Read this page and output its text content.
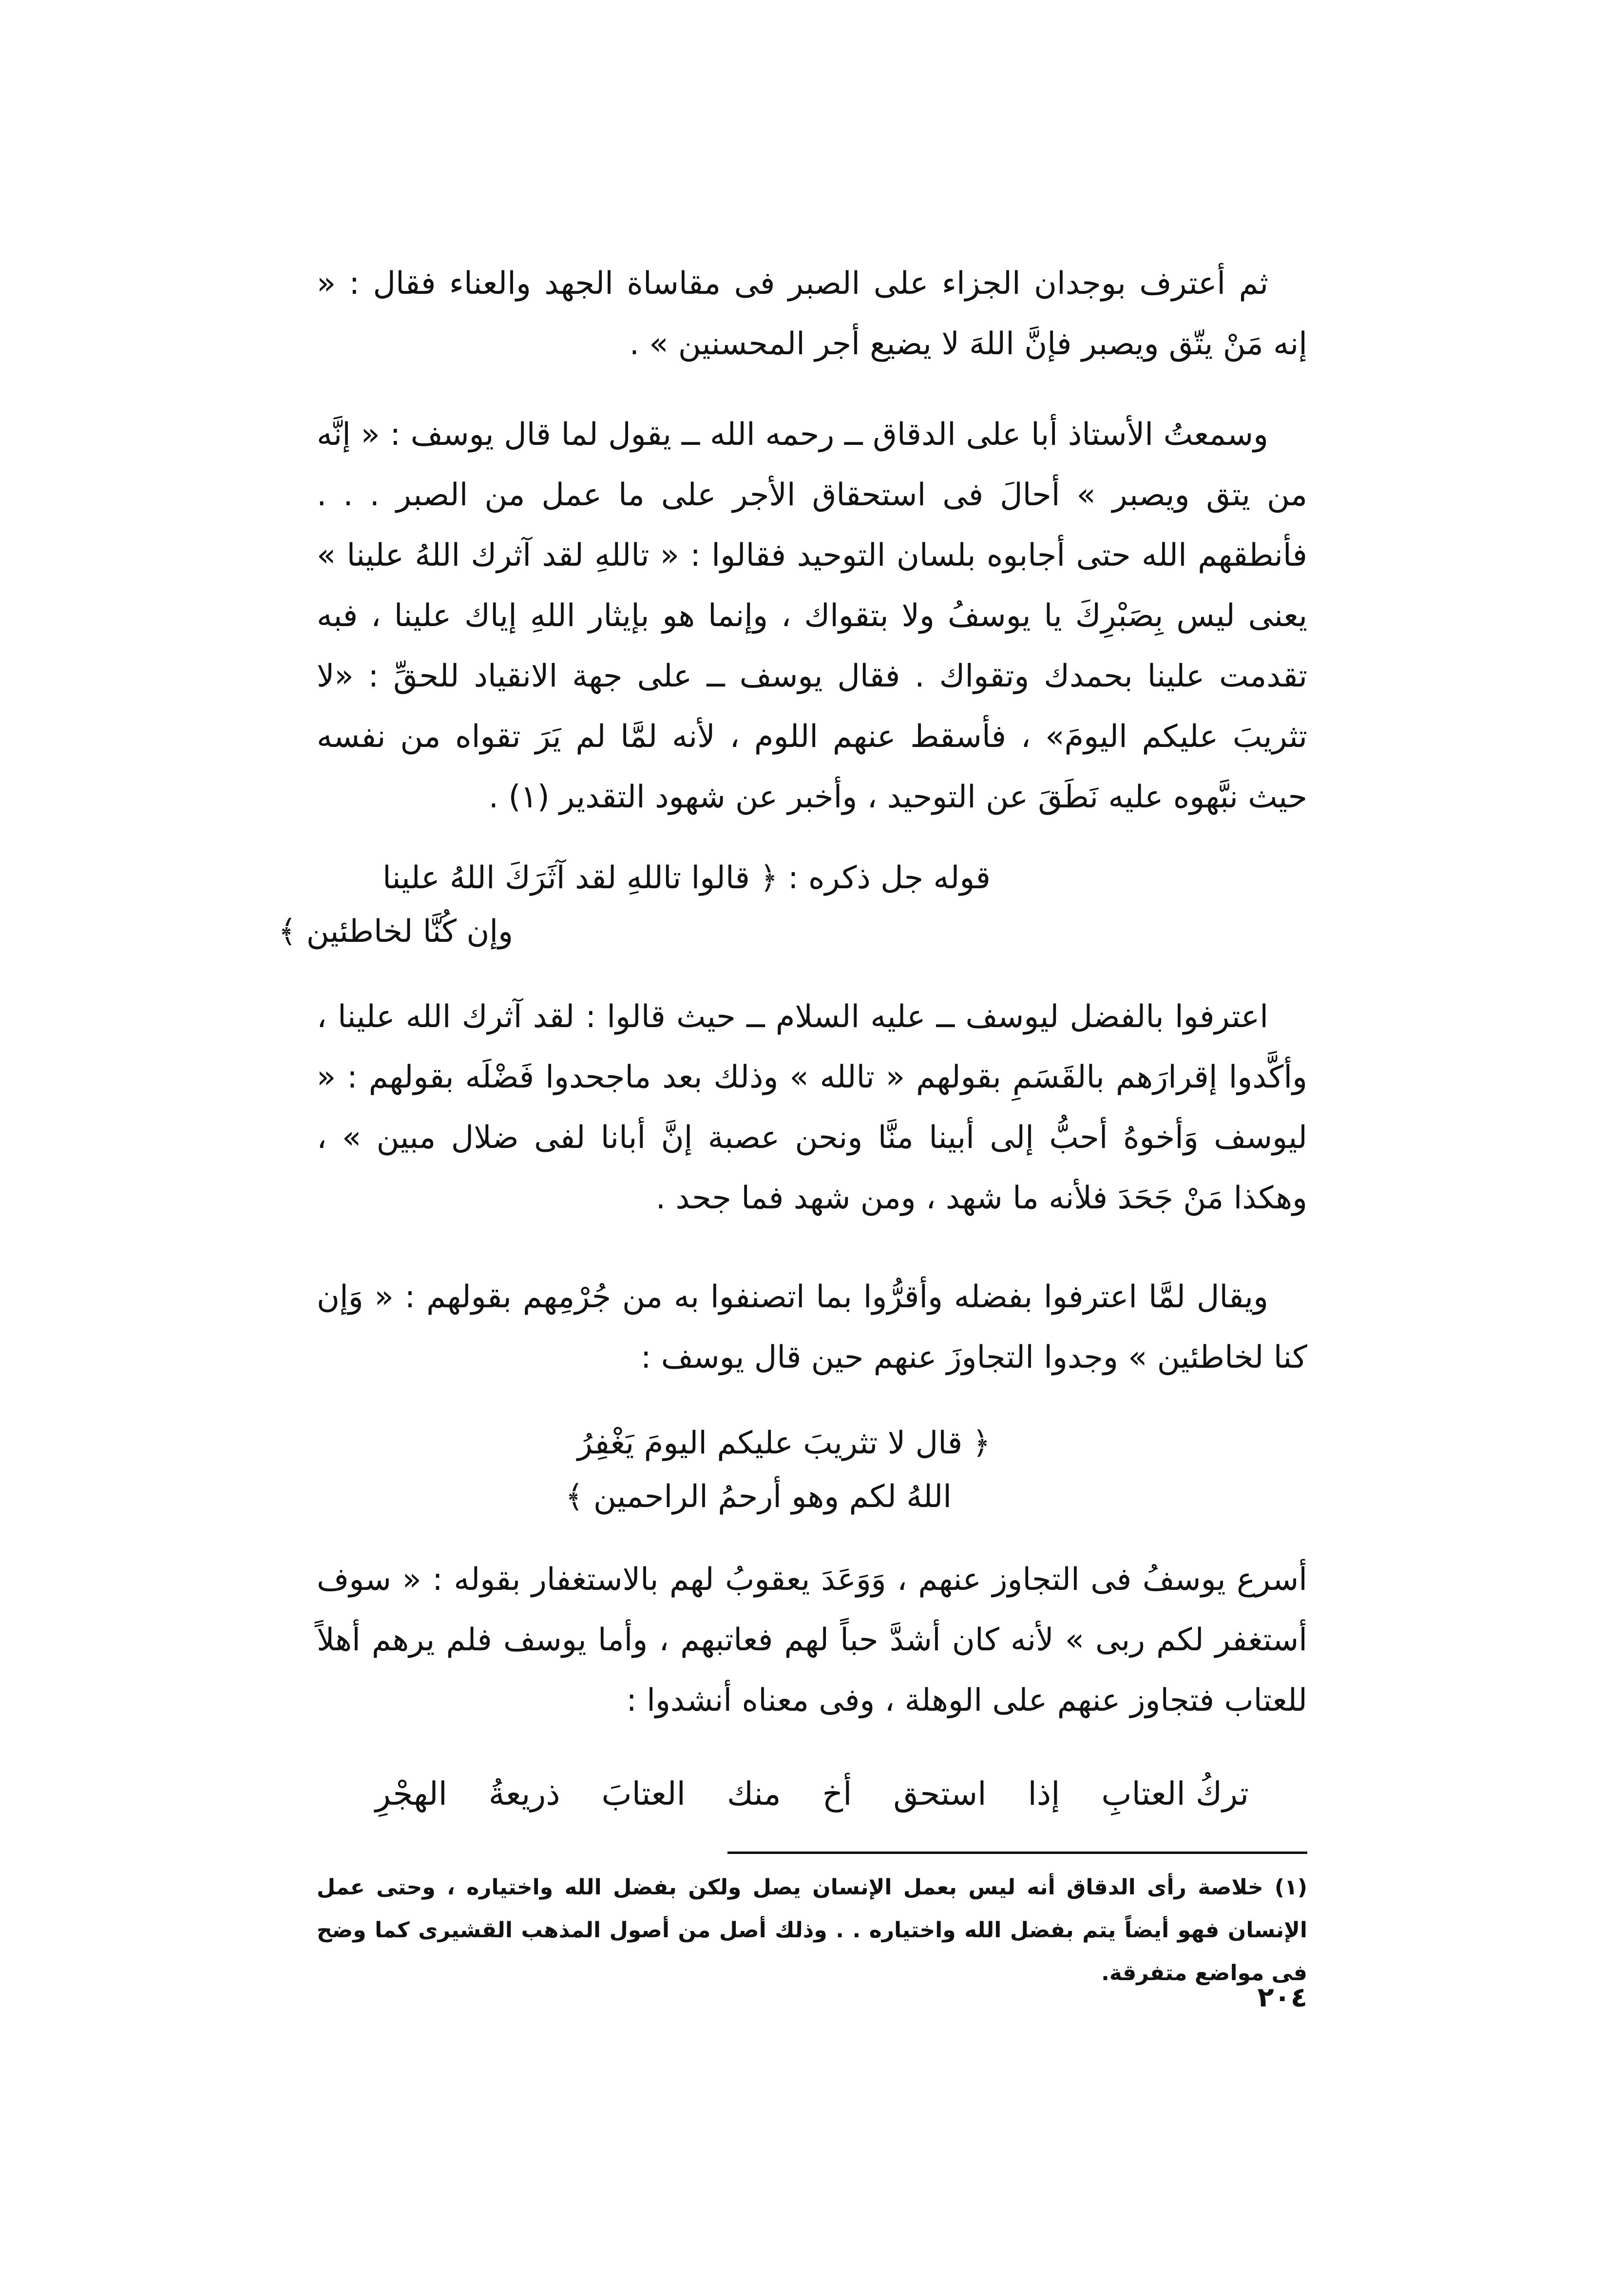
ثم أعترف بوجدان الجزاء على الصبر فى مقاساة الجهد والعناء فقال : « إنه مَنْ يتّق ويصبر فإنَّ اللهَ لا يضيع أجر المحسنين » .
وسمعتُ الأستاذ أبا على الدقاق ــ رحمه الله ــ يقول لما قال يوسف : « إنَّه من يتق ويصبر » أحالَ فى استحقاق الأجر على ما عمل من الصبر . . . فأنطقهم الله حتى أجابوه بلسان التوحيد فقالوا : « تاللهِ لقد آثرك اللهُ علينا » يعنى ليس بِصَبْرِكَ يا يوسفُ ولا بتقواك ، وإنما هو بإيثار اللهِ إياك علينا ، فبه تقدمت علينا بحمدك وتقواك . فقال يوسف ــ على جهة الانقياد للحقِّ : «لا تثريبَ عليكم اليومَ» ، فأسقط عنهم اللوم ، لأنه لمَّا لم يَرَ تقواه من نفسه حيث نبَّهوه عليه نَطَقَ عن التوحيد ، وأخبر عن شهود التقدير (١) .
قوله جل ذكره : ﴿ قالوا تاللهِ لقد آثَرَكَ اللهُ علينا
وإن كُنَّا لخاطئين ﴾
اعترفوا بالفضل ليوسف ــ عليه السلام ــ حيث قالوا : لقد آثرك الله علينا ، وأكَّدوا إقرارَهم بالقَسَمِ بقولهم « تالله » وذلك بعد ماجحدوا فَضْلَه بقولهم : « ليوسف وَأخوهُ أحبُّ إلى أبينا منَّا ونحن عصبة إنَّ أبانا لفى ضلال مبين » ، وهكذا مَنْ جَحَدَ فلأنه ما شهد ، ومن شهد فما جحد .
ويقال لمَّا اعترفوا بفضله وأقرُّوا بما اتصنفوا به من جُرْمِهم بقولهم : « وَإن كنا لخاطئين » وجدوا التجاوزَ عنهم حين قال يوسف :
﴿ قال لا تثريبَ عليكم اليومَ يَغْفِرُ
اللهُ لكم وهو أرحمُ الراحمين ﴾
أسرع يوسفُ فى التجاوز عنهم ، وَوَعَدَ يعقوبُ لهم بالاستغفار بقوله : « سوف أستغفر لكم ربى » لأنه كان أشدَّ حباً لهم فعاتبهم ، وأما يوسف فلم يرهم أهلاً للعتاب فتجاوز عنهم على الوهلة ، وفى معناه أنشدوا :
تركُ العتابِ
إذا
استحق
أخ
منك
العتابَ
ذريعةُ
الهجْرِ
(١) خلاصة رأى الدقاق أنه ليس بعمل الإنسان يصل ولكن بفضل الله واختياره ، وحتى عمل الإنسان فهو أيضاً يتم بفضل الله واختياره . . وذلك أصل من أصول المذهب القشيرى كما وضح فى مواضع متفرقة.
٢٠٤
